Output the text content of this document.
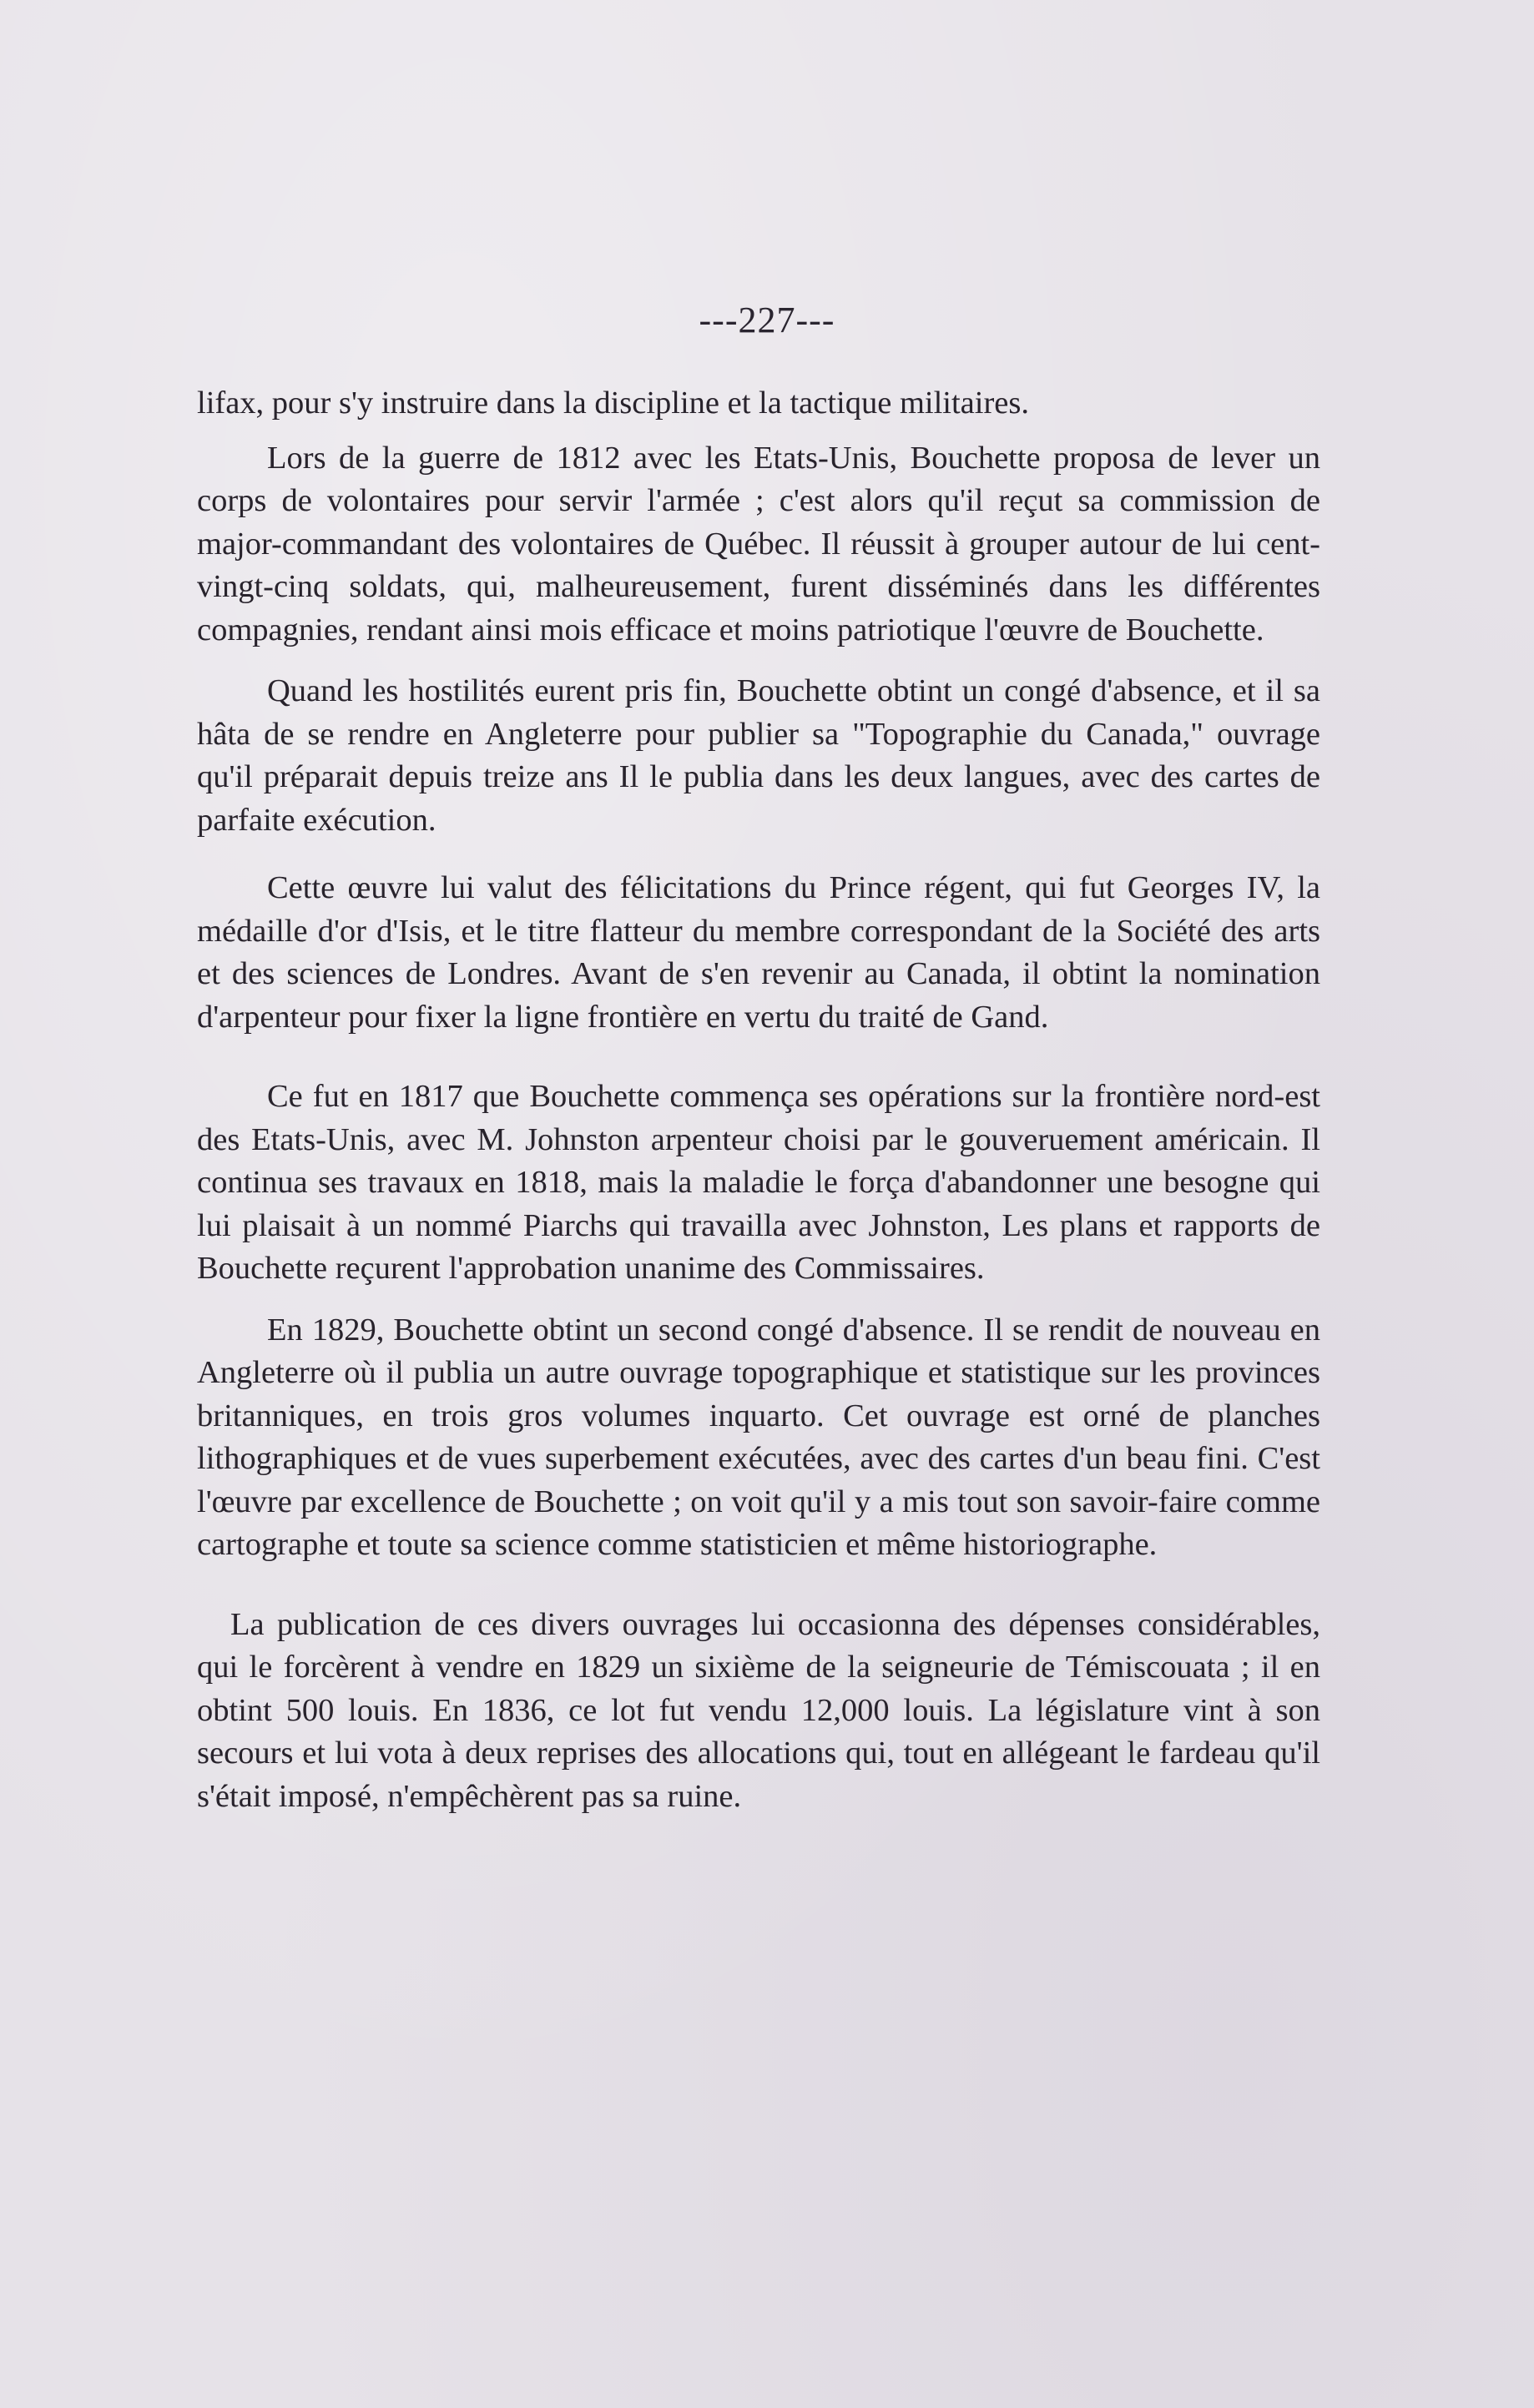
---227---

lifax, pour s'y instruire dans la discipline et la tactique militaires.

Lors de la guerre de 1812 avec les Etats-Unis, Bouchette proposa de lever un corps de volontaires pour servir l'armée ; c'est alors qu'il reçut sa commission de major-commandant des volontaires de Québec. Il réussit à grouper autour de lui cent-vingt-cinq soldats, qui, malheureusement, furent disséminés dans les différentes compagnies, rendant ainsi mois efficace et moins patriotique l'œuvre de Bouchette.

Quand les hostilités eurent pris fin, Bouchette obtint un congé d'absence, et il sa hâta de se rendre en Angleterre pour publier sa "Topographie du Canada," ouvrage qu'il préparait depuis treize ans Il le publia dans les deux langues, avec des cartes de parfaite exécution.

Cette œuvre lui valut des félicitations du Prince régent, qui fut Georges IV, la médaille d'or d'Isis, et le titre flatteur du membre correspondant de la Société des arts et des sciences de Londres. Avant de s'en revenir au Canada, il obtint la nomination d'arpenteur pour fixer la ligne frontière en vertu du traité de Gand.

Ce fut en 1817 que Bouchette commença ses opérations sur la frontière nord-est des Etats-Unis, avec M. Johnston arpenteur choisi par le gouveruement américain. Il continua ses travaux en 1818, mais la maladie le força d'abandonner une besogne qui lui plaisait à un nommé Piarchs qui travailla avec Johnston, Les plans et rapports de Bouchette reçurent l'approbation unanime des Commissaires.

En 1829, Bouchette obtint un second congé d'absence. Il se rendit de nouveau en Angleterre où il publia un autre ouvrage topographique et statistique sur les provinces britanniques, en trois gros volumes inquarto. Cet ouvrage est orné de planches lithographiques et de vues superbement exécutées, avec des cartes d'un beau fini. C'est l'œuvre par excellence de Bouchette ; on voit qu'il y a mis tout son savoir-faire comme cartographe et toute sa science comme statisticien et même historiographe.

La publication de ces divers ouvrages lui occasionna des dépenses considérables, qui le forcèrent à vendre en 1829 un sixième de la seigneurie de Témiscouata ; il en obtint 500 louis. En 1836, ce lot fut vendu 12,000 louis. La législature vint à son secours et lui vota à deux reprises des allocations qui, tout en allégeant le fardeau qu'il s'était imposé, n'empêchèrent pas sa ruine.
